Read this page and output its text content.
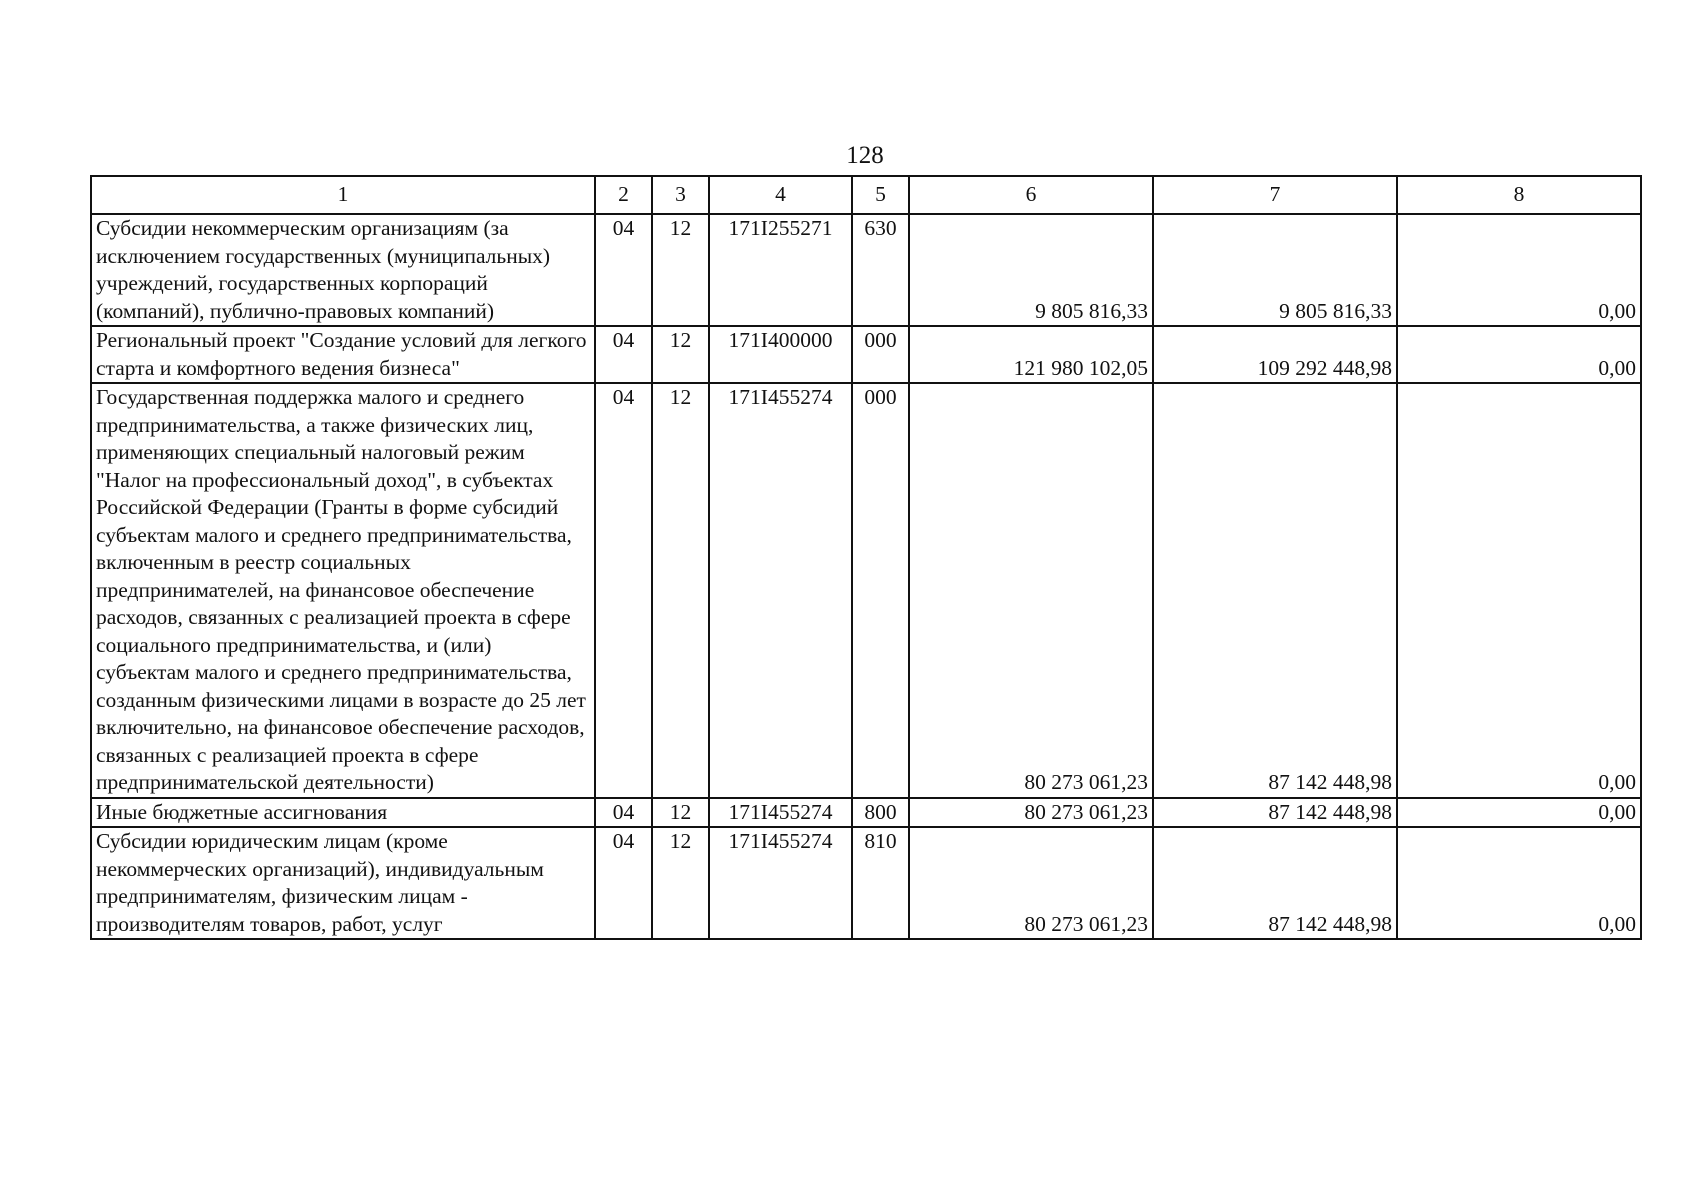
128
1	2	3	4	5	6	7	8
Субсидии некоммерческим организациям (за исключением государственных (муниципальных) учреждений, государственных корпораций (компаний), публично-правовых компаний)	04	12	171I255271	630	9 805 816,33	9 805 816,33	0,00
Региональный проект "Создание условий для легкого старта и комфортного ведения бизнеса"	04	12	171I400000	000	121 980 102,05	109 292 448,98	0,00
Государственная поддержка малого и среднего предпринимательства, а также физических лиц, применяющих специальный налоговый режим "Налог на профессиональный доход", в субъектах Российской Федерации (Гранты в форме субсидий субъектам малого и среднего предпринимательства, включенным в реестр социальных предпринимателей, на финансовое обеспечение расходов, связанных с реализацией проекта в сфере социального предпринимательства, и (или) субъектам малого и среднего предпринимательства, созданным физическими лицами в возрасте до 25 лет включительно, на финансовое обеспечение расходов, связанных с реализацией проекта в сфере предпринимательской деятельности)	04	12	171I455274	000	80 273 061,23	87 142 448,98	0,00
Иные бюджетные ассигнования	04	12	171I455274	800	80 273 061,23	87 142 448,98	0,00
Субсидии юридическим лицам (кроме некоммерческих организаций), индивидуальным предпринимателям, физическим лицам - производителям товаров, работ, услуг	04	12	171I455274	810	80 273 061,23	87 142 448,98	0,00
